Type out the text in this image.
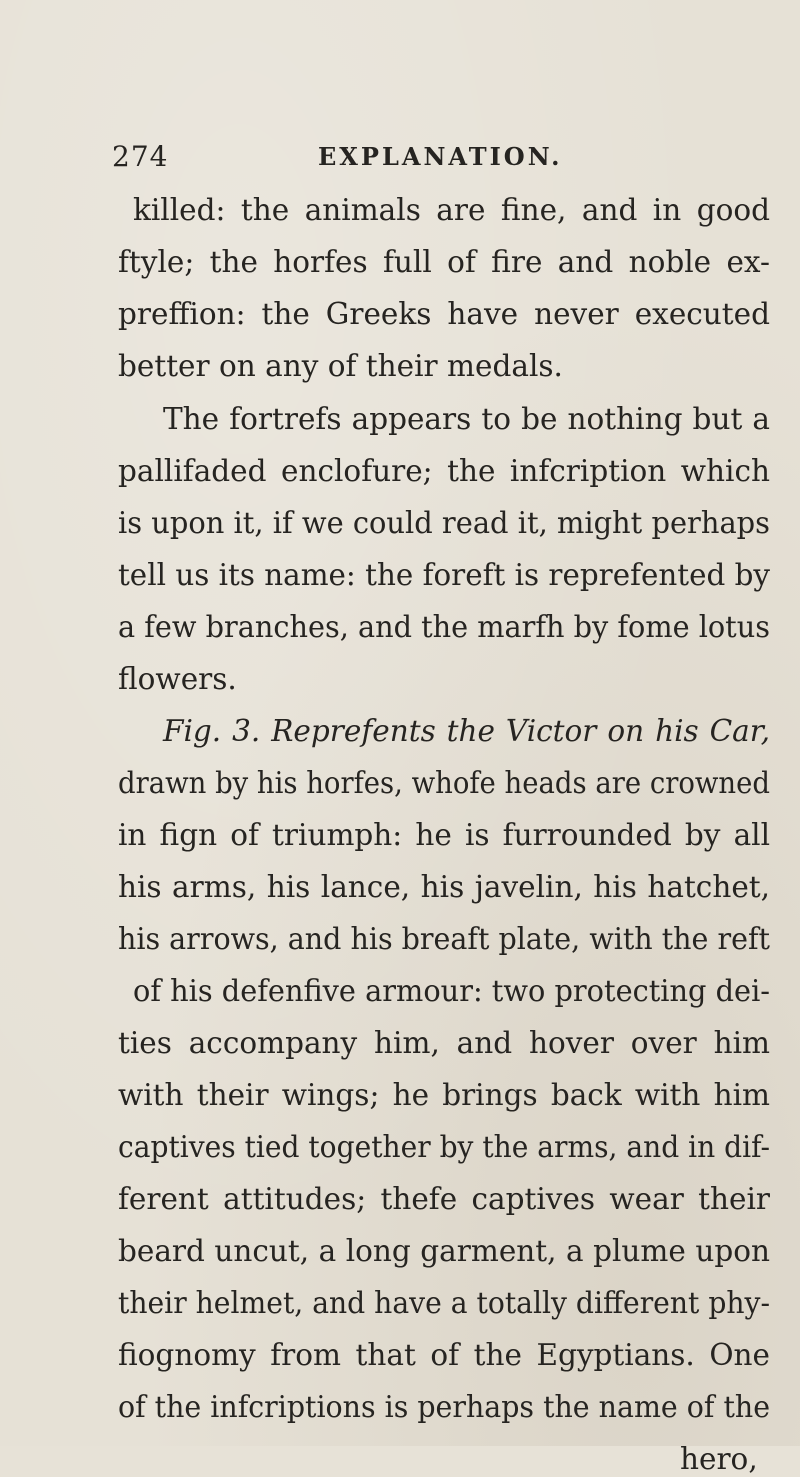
274	EXPLANATION.
killed: the animals are fine, and in good
ftyle; the horfes full of fire and noble ex-
preffion: the Greeks have never executed
better on any of their medals.
The fortrefs appears to be nothing but a
pallifaded enclofure; the infcription which
is upon it, if we could read it, might perhaps
tell us its name: the foreft is reprefented by
a few branches, and the marfh by fome lotus
flowers.
Fig. 3. Reprefents the Victor on his Car,
drawn by his horfes, whofe heads are crowned
in fign of triumph: he is furrounded by all
his arms, his lance, his javelin, his hatchet,
his arrows, and his breaft plate, with the reft
of his defenfive armour: two protecting dei-
ties accompany him, and hover over him
with their wings; he brings back with him
captives tied together by the arms, and in dif-
ferent attitudes; thefe captives wear their
beard uncut, a long garment, a plume upon
their helmet, and have a totally different phy-
fiognomy from that of the Egyptians. One
of the infcriptions is perhaps the name of the
hero,
